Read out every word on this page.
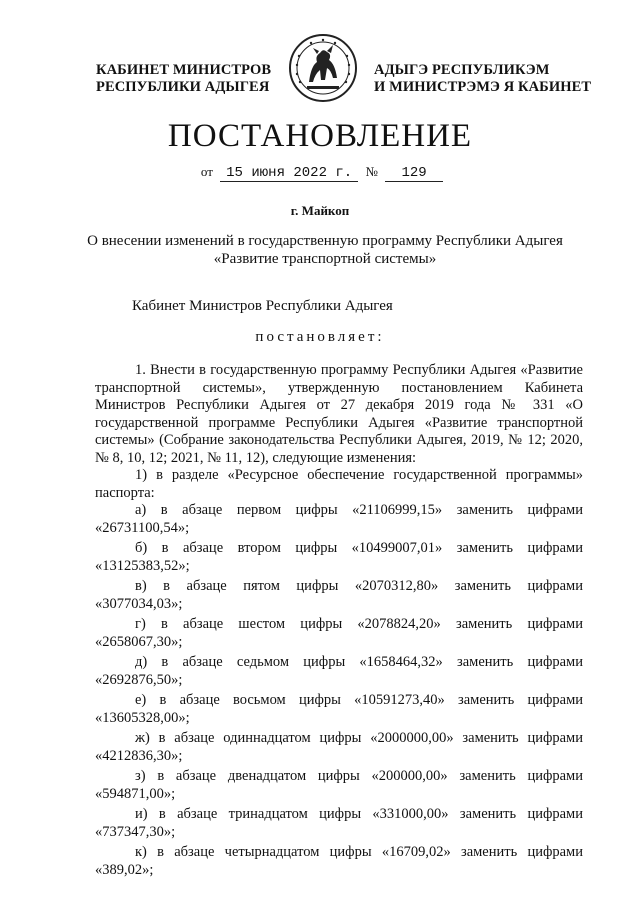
КАБИНЕТ МИНИСТРОВ
РЕСПУБЛИКИ АДЫГЕЯ
АДЫГЭ РЕСПУБЛИКЭМ
И МИНИСТРЭМЭ Я КАБИНЕТ
ПОСТАНОВЛЕНИЕ
от 15 июня 2022 г. № 129
г. Майкоп
О внесении изменений в государственную программу Республики Адыгея
«Развитие транспортной системы»
Кабинет Министров Республики Адыгея
постановляет:

1. Внести в государственную программу Республики Адыгея «Развитие транспортной системы», утвержденную постановлением Кабинета Министров Республики Адыгея от 27 декабря 2019 года № 331 «О государственной программе Республики Адыгея «Развитие транспортной системы» (Собрание законодательства Республики Адыгея, 2019, № 12; 2020, № 8, 10, 12; 2021, № 11, 12), следующие изменения:

1) в разделе «Ресурсное обеспечение государственной программы» паспорта:

а) в абзаце первом цифры «21106999,15» заменить цифрами «26731100,54»;

б) в абзаце втором цифры «10499007,01» заменить цифрами «13125383,52»;

в) в абзаце пятом цифры «2070312,80» заменить цифрами «3077034,03»;

г) в абзаце шестом цифры «2078824,20» заменить цифрами «2658067,30»;

д) в абзаце седьмом цифры «1658464,32» заменить цифрами «2692876,50»;

е) в абзаце восьмом цифры «10591273,40» заменить цифрами «13605328,00»;

ж) в абзаце одиннадцатом цифры «2000000,00» заменить цифрами «4212836,30»;

з) в абзаце двенадцатом цифры «200000,00» заменить цифрами «594871,00»;

и) в абзаце тринадцатом цифры «331000,00» заменить цифрами «737347,30»;

к) в абзаце четырнадцатом цифры «16709,02» заменить цифрами «389,02»;
